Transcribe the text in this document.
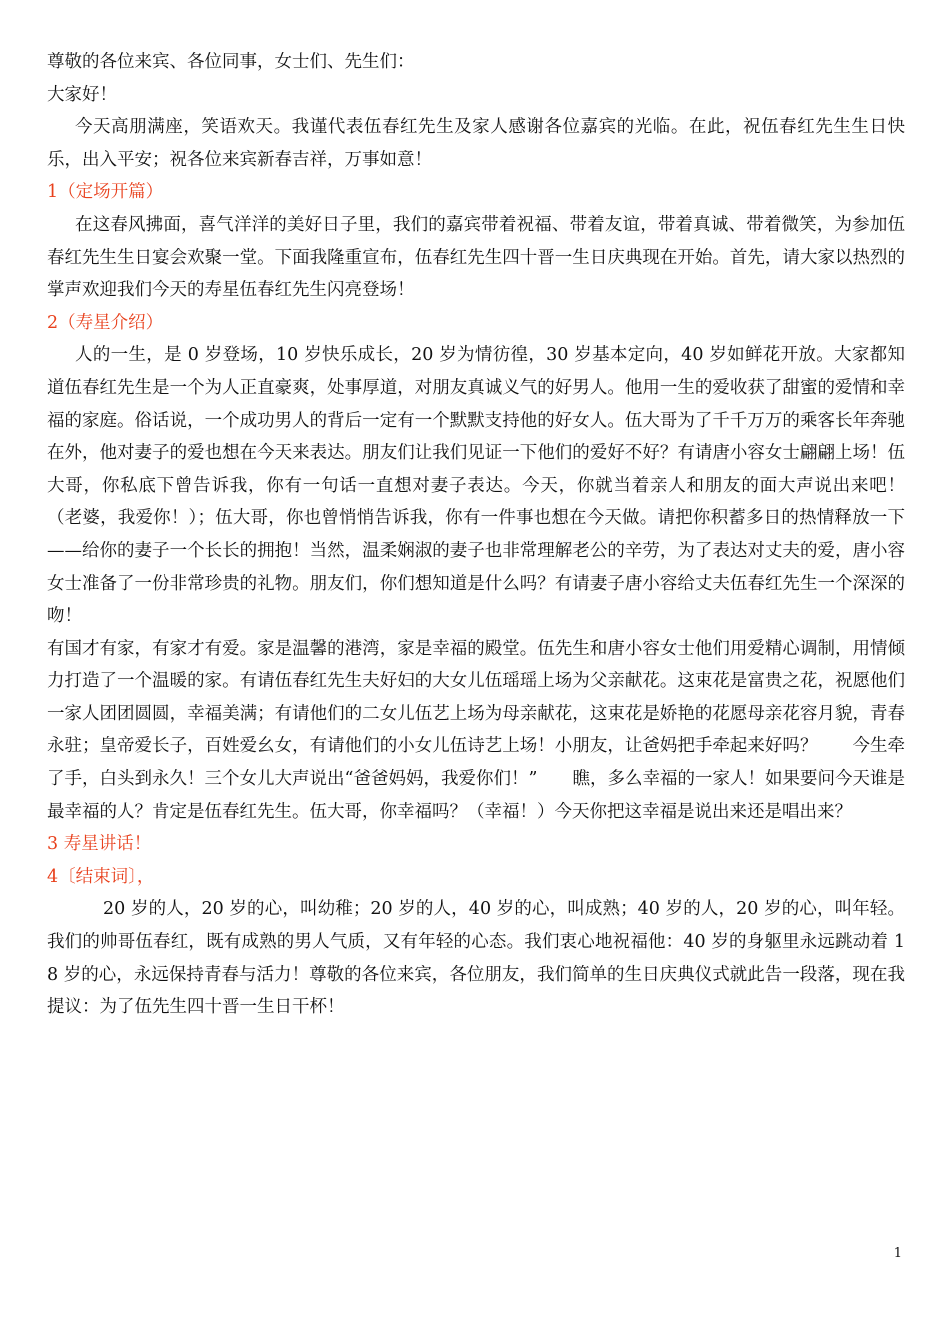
尊敬的各位来宾、各位同事，女士们、先生们：

大家好！

今天高朋满座，笑语欢天。我谨代表伍春红先生及家人感谢各位嘉宾的光临。在此，祝伍春红先生生日快乐，出入平安；祝各位来宾新春吉祥，万事如意！

1（定场开篇）

在这春风拂面，喜气洋洋的美好日子里，我们的嘉宾带着祝福、带着友谊，带着真诚、带着微笑，为参加伍春红先生生日宴会欢聚一堂。下面我隆重宣布，伍春红先生四十晋一生日庆典现在开始。首先，请大家以热烈的掌声欢迎我们今天的寿星伍春红先生闪亮登场！

2（寿星介绍）

人的一生，是 0 岁登场，10 岁快乐成长，20 岁为情彷徨，30 岁基本定向，40 岁如鲜花开放。大家都知道伍春红先生是一个为人正直豪爽，处事厚道，对朋友真诚义气的好男人。他用一生的爱收获了甜蜜的爱情和幸福的家庭。俗话说，一个成功男人的背后一定有一个默默支持他的好女人。伍大哥为了千千万万的乘客长年奔驰在外，他对妻子的爱也想在今天来表达。朋友们让我们见证一下他们的爱好不好？有请唐小容女士翩翩上场！伍大哥，你私底下曾告诉我，你有一句话一直想对妻子表达。今天，你就当着亲人和朋友的面大声说出来吧！　　（老婆，我爱你！）；伍大哥，你也曾悄悄告诉我，你有一件事也想在今天做。请把你积蓄多日的热情释放一下——给你的妻子一个长长的拥抱！当然，温柔娴淑的妻子也非常理解老公的辛劳，为了表达对丈夫的爱，唐小容女士准备了一份非常珍贵的礼物。朋友们，你们想知道是什么吗？有请妻子唐小容给丈夫伍春红先生一个深深的吻！

有国才有家，有家才有爱。家是温馨的港湾，家是幸福的殿堂。伍先生和唐小容女士他们用爱精心调制，用情倾力打造了一个温暖的家。有请伍春红先生夫好妇的大女儿伍瑶瑶上场为父亲献花。这束花是富贵之花，祝愿他们一家人团团圆圆，幸福美满；有请他们的二女儿伍艺上场为母亲献花，这束花是娇艳的花愿母亲花容月貌，青春永驻；皇帝爱长子，百姓爱幺女，有请他们的小女儿伍诗艺上场！小朋友，让爸妈把手牵起来好吗？　　今生牵了手，白头到永久！三个女儿大声说出“爸爸妈妈，我爱你们！”　　瞧，多么幸福的一家人！如果要问今天谁是最幸福的人？肯定是伍春红先生。伍大哥，你幸福吗？（幸福！）今天你把这幸福是说出来还是唱出来？

3 寿星讲话！

4〔结束词〕，

20 岁的人，20 岁的心，叫幼稚；20 岁的人，40 岁的心，叫成熟；40 岁的人，20 岁的心，叫年轻。我们的帅哥伍春红，既有成熟的男人气质，又有年轻的心态。我们衷心地祝福他：40 岁的身躯里永远跳动着 18 岁的心，永远保持青春与活力！尊敬的各位来宾，各位朋友，我们简单的生日庆典仪式就此告一段落，现在我提议：为了伍先生四十晋一生日干杯！

1
